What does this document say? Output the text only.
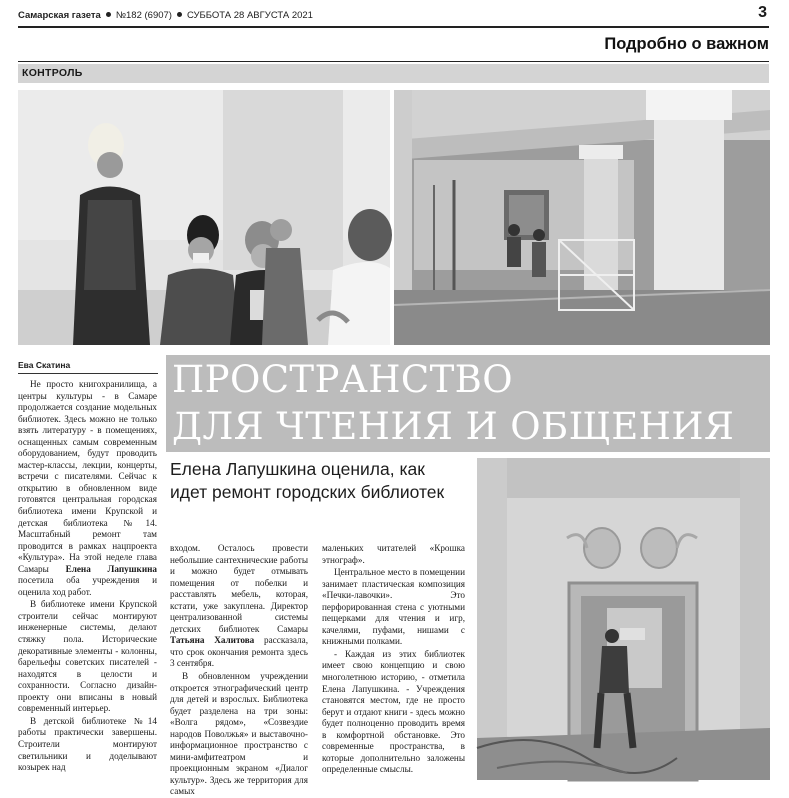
Самарская газета №182 (6907) СУББОТА 28 АВГУСТА 2021	3
Подробно о важном
КОНТРОЛЬ
Ева Скатина

Не просто книгохранилища, а центры культуры - в Самаре продолжается создание модельных библиотек. Здесь можно не только взять литературу - в помещениях, оснащенных самым современным оборудованием, будут проводить мастер-классы, лекции, концерты, встречи с писателями. Сейчас к открытию в обновленном виде готовятся центральная городская библиотека имени Крупской и детская библиотека №14. Масштабный ремонт там проводится в рамках нацпроекта «Культура». На этой неделе глава Самары Елена Лапушкина посетила оба учреждения и оценила ход работ.

В библиотеке имени Крупской строители сейчас монтируют инженерные системы, делают стяжку пола. Исторические декоративные элементы - колонны, барельефы советских писателей - находятся в целости и сохранности. Согласно дизайн-проекту они вписаны в новый современный интерьер.

В детской библиотеке №14 работы практически завершены. Строители монтируют светильники и доделывают козырек над

ПРОСТРАНСТВО
ДЛЯ ЧТЕНИЯ И ОБЩЕНИЯ
Елена Лапушкина оценила, как идет ремонт городских библиотек

входом. Осталось провести небольшие сантехнические работы и можно будет отмывать помещения от побелки и расставлять мебель, которая, кстати, уже закуплена. Директор централизованной системы детских библиотек Самары Татьяна Халитова рассказала, что срок окончания ремонта здесь 3 сентября.

В обновленном учреждении откроется этнографический центр для детей и взрослых. Библиотека будет разделена на три зоны: «Волга рядом», «Созвездие народов Поволжья» и выставочно-информационное пространство с мини-амфитеатром и проекционным экраном «Диалог культур». Здесь же территория для самых

маленьких читателей «Крошка этнограф».

Центральное место в помещении занимает пластическая композиция «Печки-лавочки». Это перфорированная стена с уютными пещерками для чтения и игр, качелями, пуфами, нишами с книжными полками.

- Каждая из этих библиотек имеет свою концепцию и свою многолетнюю историю, - отметила Елена Лапушкина. - Учреждения становятся местом, где не просто берут и отдают книги - здесь можно будет полноценно проводить время в комфортной обстановке. Это современные пространства, в которые дополнительно заложены определенные смыслы.
